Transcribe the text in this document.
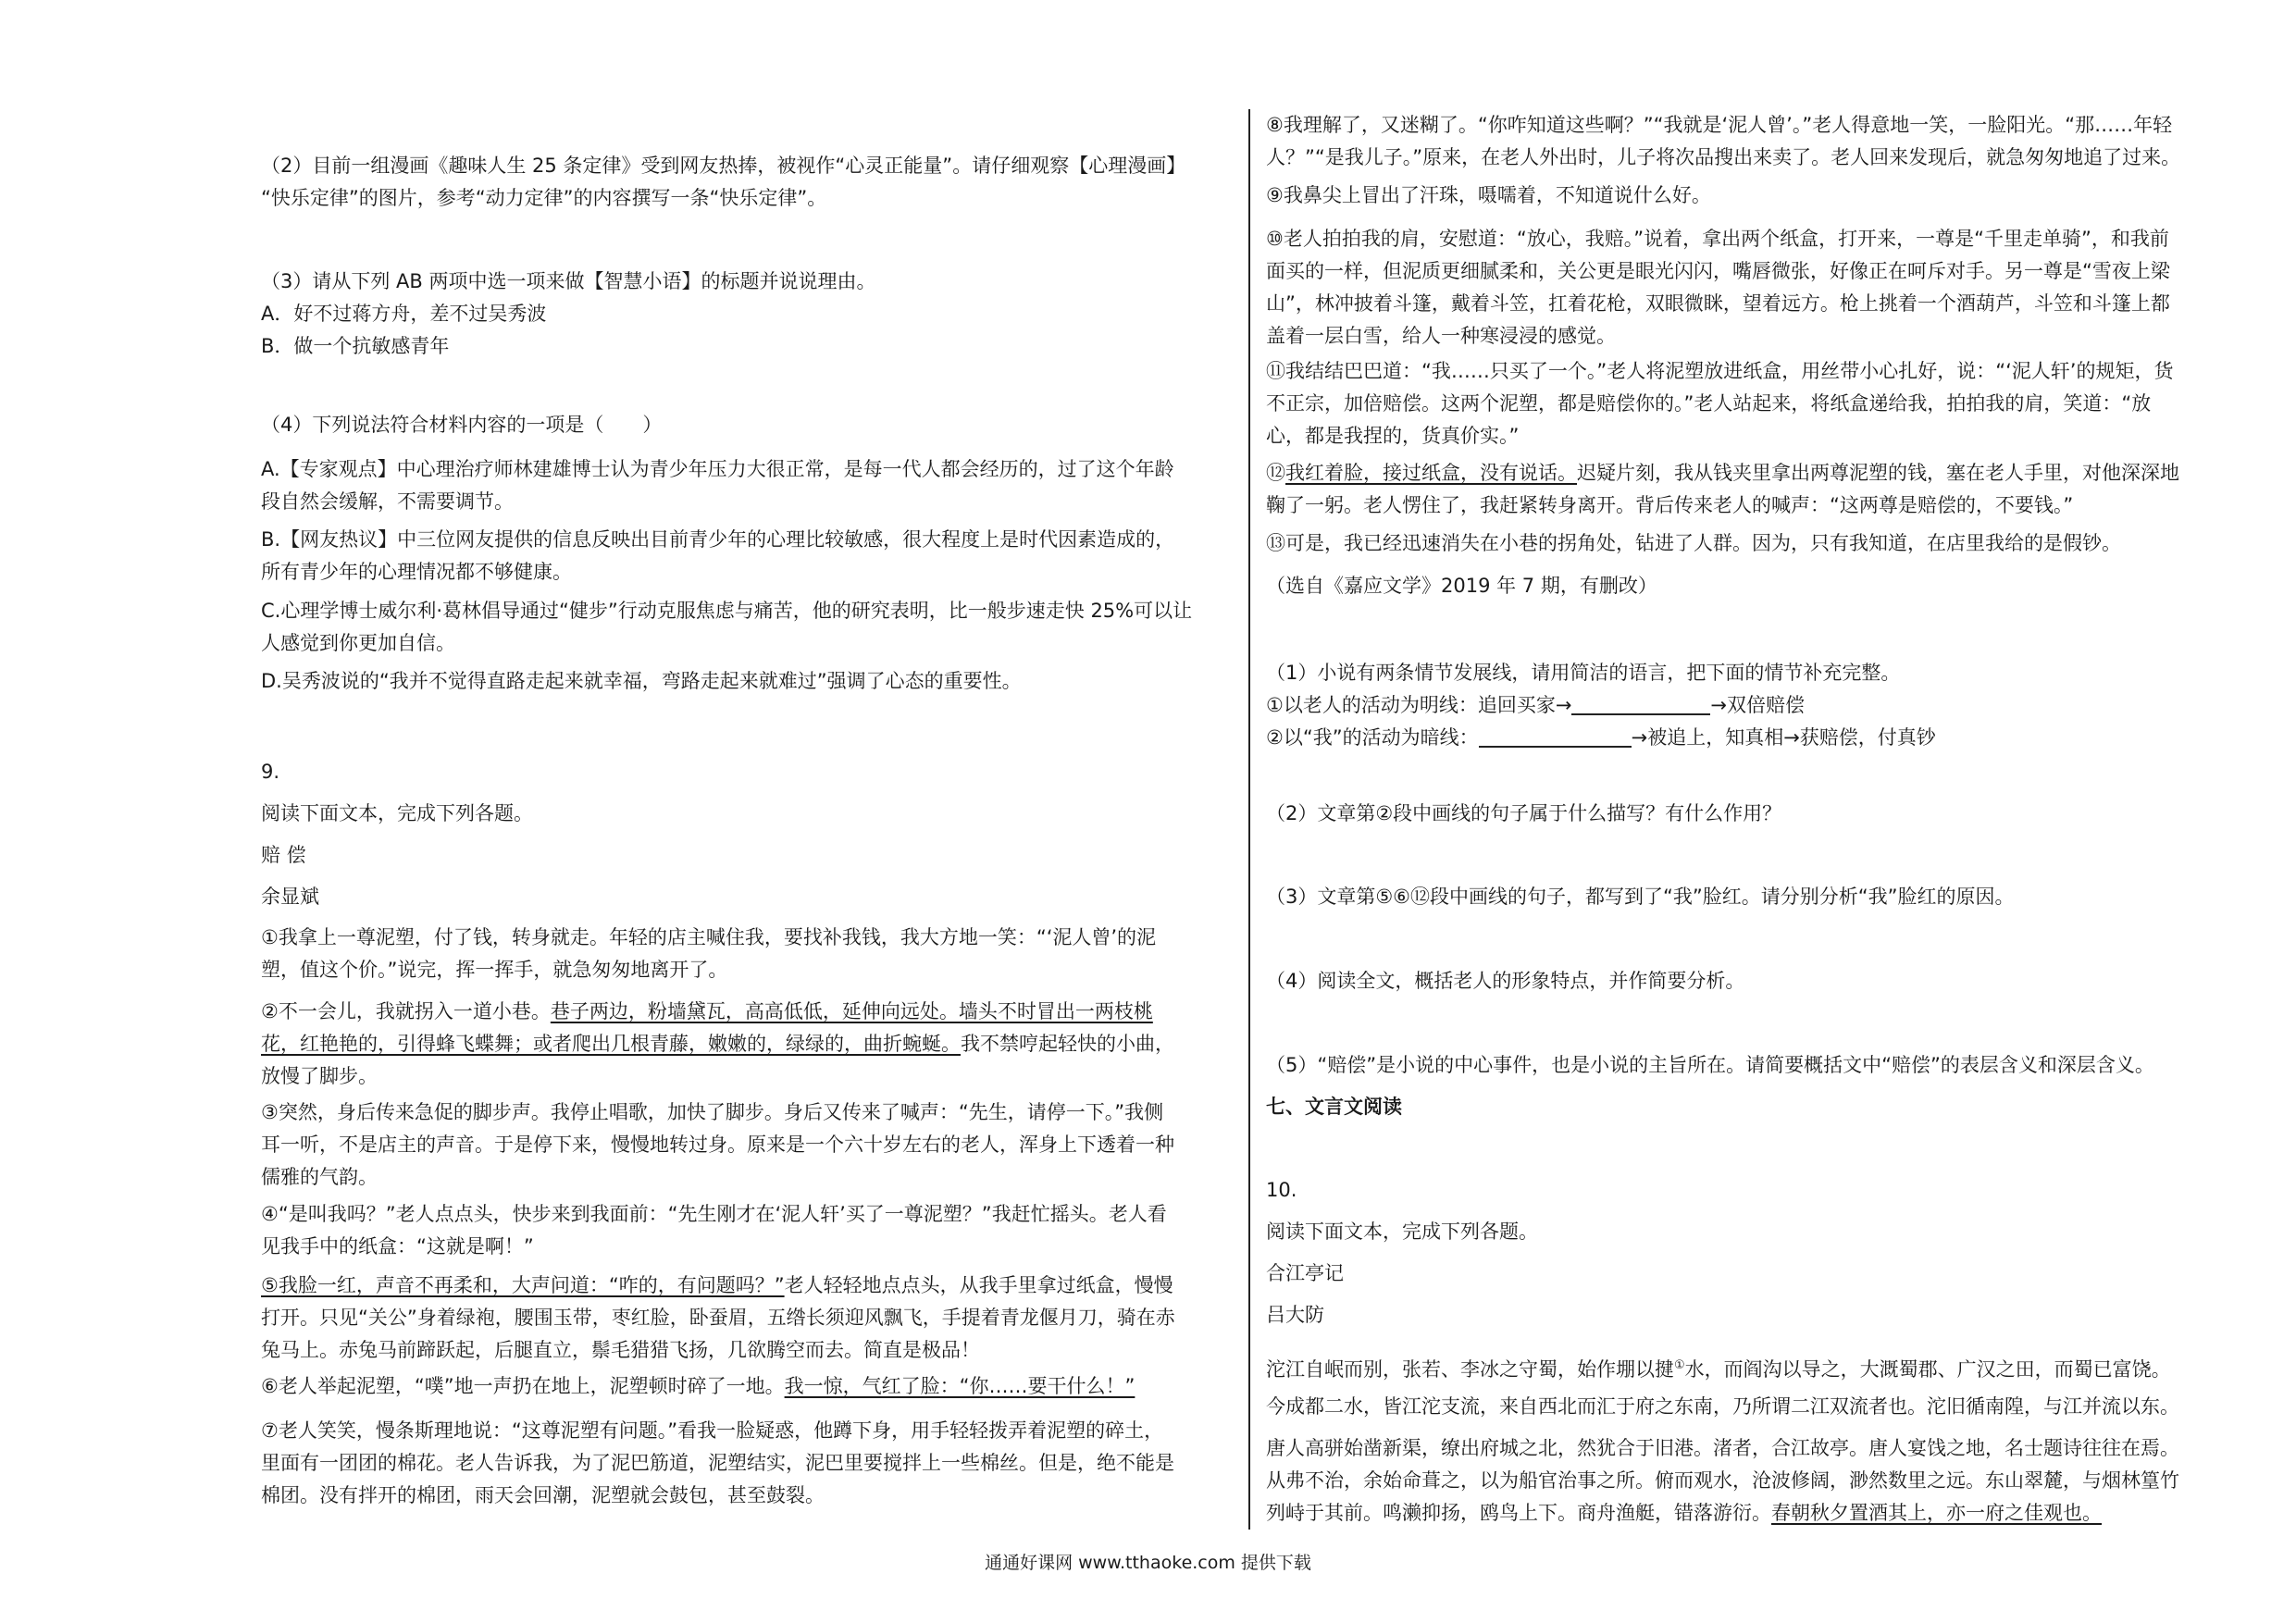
（2）目前一组漫画《趣味人生 25 条定律》受到网友热捧，被视作“心灵正能量”。请仔细观察【心理漫画】
“快乐定律”的图片，参考“动力定律”的内容撰写一条“快乐定律”。
（3）请从下列 AB 两项中选一项来做【智慧小语】的标题并说说理由。
A．好不过蒋方舟，差不过吴秀波
B．做一个抗敏感青年
（4）下列说法符合材料内容的一项是（　　）
A.【专家观点】中心理治疗师林建雄博士认为青少年压力大很正常，是每一代人都会经历的，过了这个年龄
段自然会缓解，不需要调节。
B.【网友热议】中三位网友提供的信息反映出目前青少年的心理比较敏感，很大程度上是时代因素造成的，
所有青少年的心理情况都不够健康。
C.心理学博士威尔利·葛林倡导通过“健步”行动克服焦虑与痛苦，他的研究表明，比一般步速走快 25%可以让
人感觉到你更加自信。
D.吴秀波说的“我并不觉得直路走起来就幸福，弯路走起来就难过”强调了心态的重要性。
9.
阅读下面文本，完成下列各题。
赔 偿
余显斌
①我拿上一尊泥塑，付了钱，转身就走。年轻的店主喊住我，要找补我钱，我大方地一笑：“‘泥人曾’的泥
塑，值这个价。”说完，挥一挥手，就急匆匆地离开了。
②不一会儿，我就拐入一道小巷。巷子两边，粉墙黛瓦，高高低低，延伸向远处。墙头不时冒出一两枝桃
花，红艳艳的，引得蜂飞蝶舞；或者爬出几根青藤，嫩嫩的，绿绿的，曲折蜿蜒。我不禁哼起轻快的小曲，
放慢了脚步。
③突然，身后传来急促的脚步声。我停止唱歌，加快了脚步。身后又传来了喊声：“先生，请停一下。”我侧
耳一听，不是店主的声音。于是停下来，慢慢地转过身。原来是一个六十岁左右的老人，浑身上下透着一种
儒雅的气韵。
④“是叫我吗？”老人点点头，快步来到我面前：“先生刚才在‘泥人轩’买了一尊泥塑？”我赶忙摇头。老人看
见我手中的纸盒：“这就是啊！”
⑤我脸一红，声音不再柔和，大声问道：“咋的，有问题吗？”老人轻轻地点点头，从我手里拿过纸盒，慢慢
打开。只见“关公”身着绿袍，腰围玉带，枣红脸，卧蚕眉，五绺长须迎风飘飞，手提着青龙偃月刀，骑在赤
兔马上。赤兔马前蹄跃起，后腿直立，鬃毛猎猎飞扬，几欲腾空而去。简直是极品！
⑥老人举起泥塑，“噗”地一声扔在地上，泥塑顿时碎了一地。我一惊，气红了脸：“你……要干什么！”
⑦老人笑笑，慢条斯理地说：“这尊泥塑有问题。”看我一脸疑惑，他蹲下身，用手轻轻拨弄着泥塑的碎土，
里面有一团团的棉花。老人告诉我，为了泥巴筋道，泥塑结实，泥巴里要搅拌上一些棉丝。但是，绝不能是
棉团。没有拌开的棉团，雨天会回潮，泥塑就会鼓包，甚至鼓裂。
⑧我理解了，又迷糊了。“你咋知道这些啊？”“我就是‘泥人曾’。”老人得意地一笑，一脸阳光。“那……年轻
人？”“是我儿子。”原来，在老人外出时，儿子将次品搜出来卖了。老人回来发现后，就急匆匆地追了过来。
⑨我鼻尖上冒出了汗珠，嗫嚅着，不知道说什么好。
⑩老人拍拍我的肩，安慰道：“放心，我赔。”说着，拿出两个纸盒，打开来，一尊是“千里走单骑”，和我前
面买的一样，但泥质更细腻柔和，关公更是眼光闪闪，嘴唇微张，好像正在呵斥对手。另一尊是“雪夜上梁
山”，林冲披着斗篷，戴着斗笠，扛着花枪，双眼微眯，望着远方。枪上挑着一个酒葫芦，斗笠和斗篷上都
盖着一层白雪，给人一种寒浸浸的感觉。
⑪我结结巴巴道：“我……只买了一个。”老人将泥塑放进纸盒，用丝带小心扎好，说：“‘泥人轩’的规矩，货
不正宗，加倍赔偿。这两个泥塑，都是赔偿你的。”老人站起来，将纸盒递给我，拍拍我的肩，笑道：“放
心，都是我捏的，货真价实。”
⑫我红着脸，接过纸盒，没有说话。迟疑片刻，我从钱夹里拿出两尊泥塑的钱，塞在老人手里，对他深深地
鞠了一躬。老人愣住了，我赶紧转身离开。背后传来老人的喊声：“这两尊是赔偿的，不要钱。”
⑬可是，我已经迅速消失在小巷的拐角处，钻进了人群。因为，只有我知道，在店里我给的是假钞。
（选自《嘉应文学》2019 年 7 期，有删改）
（1）小说有两条情节发展线，请用简洁的语言，把下面的情节补充完整。
①以老人的活动为明线：追回买家→	→双倍赔偿
②以“我”的活动为暗线：	→被追上，知真相→获赔偿，付真钞
（2）文章第②段中画线的句子属于什么描写？有什么作用？
（3）文章第⑤⑥⑫段中画线的句子，都写到了“我”脸红。请分别分析“我”脸红的原因。
（4）阅读全文，概括老人的形象特点，并作简要分析。
（5）“赔偿”是小说的中心事件，也是小说的主旨所在。请简要概括文中“赔偿”的表层含义和深层含义。
七、文言文阅读
10.
阅读下面文本，完成下列各题。
合江亭记
吕大防
沱江自岷而别，张若、李冰之守蜀，始作堋以揵①水，而阎沟以导之，大溉蜀郡、广汉之田，而蜀已富饶。
今成都二水，皆江沱支流，来自西北而汇于府之东南，乃所谓二江双流者也。沱旧循南隍，与江并流以东。
唐人高骈始凿新渠，缭出府城之北，然犹合于旧港。渚者，合江故亭。唐人宴饯之地，名士题诗往往在焉。
从弗不治，余始命葺之，以为船官治事之所。俯而观水，沧波修阔，渺然数里之远。东山翠麓，与烟林篁竹
列峙于其前。鸣濑抑扬，鸥鸟上下。商舟渔艇，错落游衍。春朝秋夕置酒其上，亦一府之佳观也。
通通好课网 www.tthaoke.com 提供下载
